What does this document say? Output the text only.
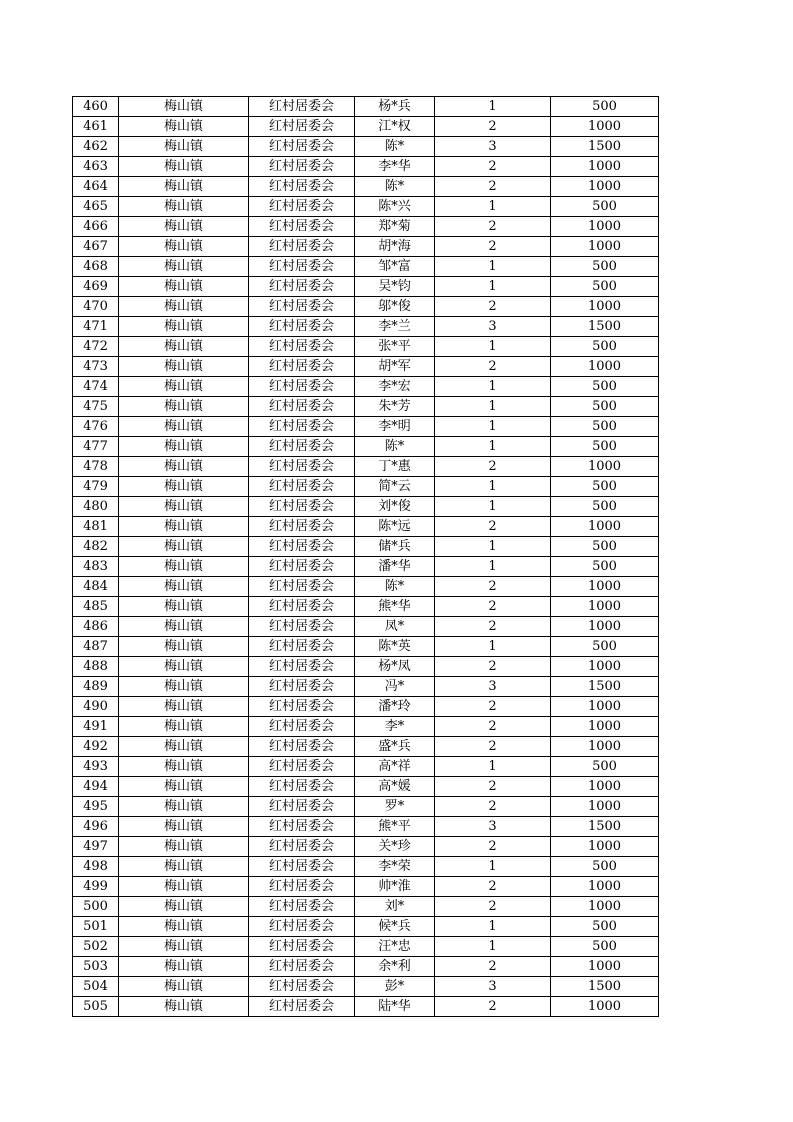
460	梅山镇	红村居委会	杨*兵	1	500
461	梅山镇	红村居委会	江*权	2	1000
462	梅山镇	红村居委会	陈*	3	1500
463	梅山镇	红村居委会	李*华	2	1000
464	梅山镇	红村居委会	陈*	2	1000
465	梅山镇	红村居委会	陈*兴	1	500
466	梅山镇	红村居委会	郑*菊	2	1000
467	梅山镇	红村居委会	胡*海	2	1000
468	梅山镇	红村居委会	邹*富	1	500
469	梅山镇	红村居委会	吴*钧	1	500
470	梅山镇	红村居委会	邬*俊	2	1000
471	梅山镇	红村居委会	李*兰	3	1500
472	梅山镇	红村居委会	张*平	1	500
473	梅山镇	红村居委会	胡*军	2	1000
474	梅山镇	红村居委会	李*宏	1	500
475	梅山镇	红村居委会	朱*芳	1	500
476	梅山镇	红村居委会	李*明	1	500
477	梅山镇	红村居委会	陈*	1	500
478	梅山镇	红村居委会	丁*惠	2	1000
479	梅山镇	红村居委会	简*云	1	500
480	梅山镇	红村居委会	刘*俊	1	500
481	梅山镇	红村居委会	陈*远	2	1000
482	梅山镇	红村居委会	储*兵	1	500
483	梅山镇	红村居委会	潘*华	1	500
484	梅山镇	红村居委会	陈*	2	1000
485	梅山镇	红村居委会	熊*华	2	1000
486	梅山镇	红村居委会	凤*	2	1000
487	梅山镇	红村居委会	陈*英	1	500
488	梅山镇	红村居委会	杨*凤	2	1000
489	梅山镇	红村居委会	冯*	3	1500
490	梅山镇	红村居委会	潘*玲	2	1000
491	梅山镇	红村居委会	李*	2	1000
492	梅山镇	红村居委会	盛*兵	2	1000
493	梅山镇	红村居委会	高*祥	1	500
494	梅山镇	红村居委会	高*媛	2	1000
495	梅山镇	红村居委会	罗*	2	1000
496	梅山镇	红村居委会	熊*平	3	1500
497	梅山镇	红村居委会	关*珍	2	1000
498	梅山镇	红村居委会	李*荣	1	500
499	梅山镇	红村居委会	帅*淮	2	1000
500	梅山镇	红村居委会	刘*	2	1000
501	梅山镇	红村居委会	候*兵	1	500
502	梅山镇	红村居委会	汪*忠	1	500
503	梅山镇	红村居委会	余*利	2	1000
504	梅山镇	红村居委会	彭*	3	1500
505	梅山镇	红村居委会	陆*华	2	1000
